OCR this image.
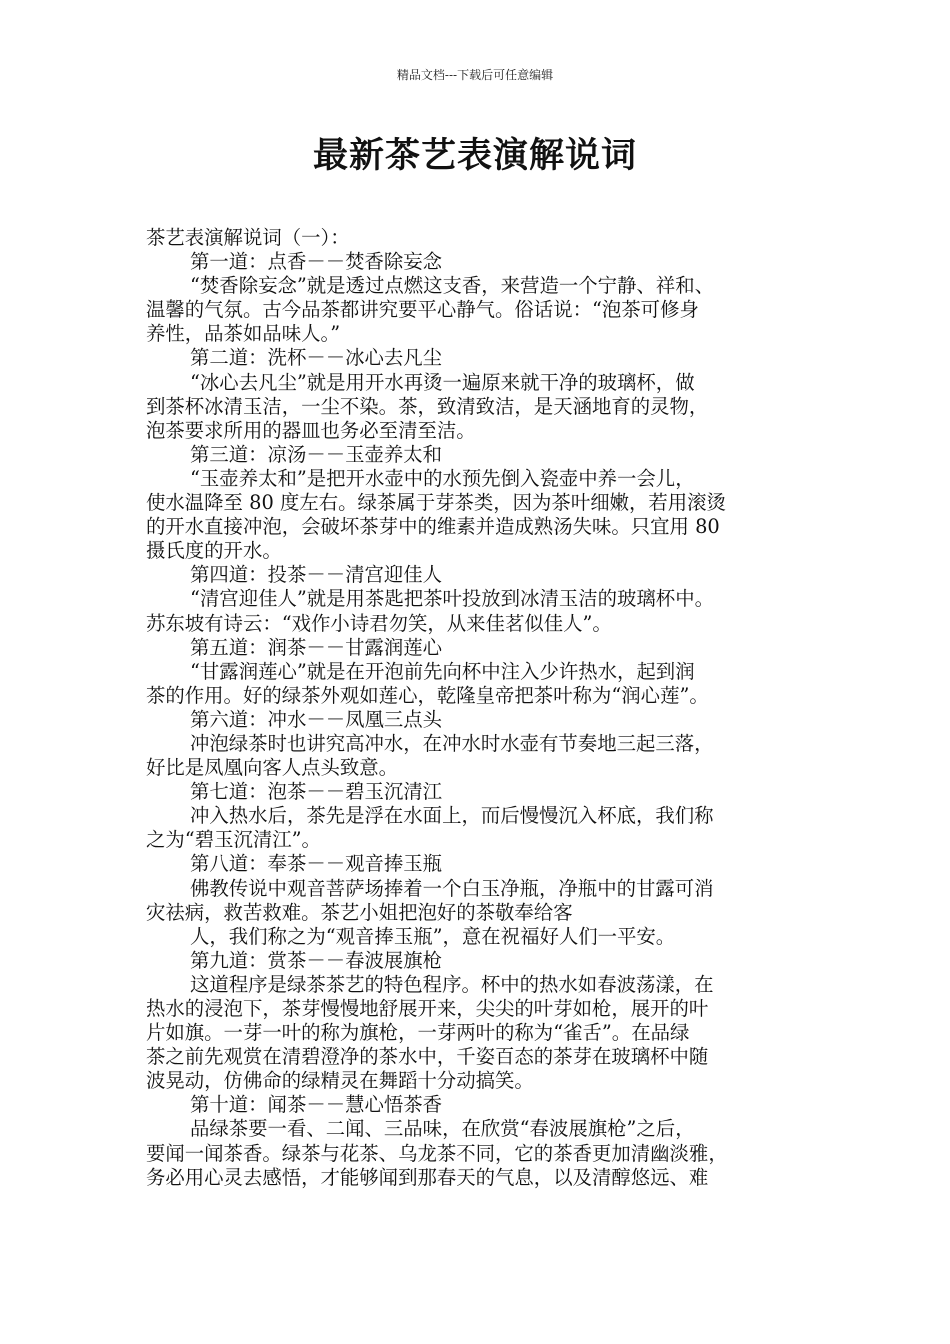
精品文档---下载后可任意编辑
最新茶艺表演解说词
茶艺表演解说词（一）：
第一道：点香－－焚香除妄念
“焚香除妄念”就是透过点燃这支香，来营造一个宁静、祥和、
温馨的气氛。古今品茶都讲究要平心静气。俗话说：“泡茶可修身
养性，品茶如品味人。”
第二道：洗杯－－冰心去凡尘
“冰心去凡尘”就是用开水再烫一遍原来就干净的玻璃杯，做
到茶杯冰清玉洁，一尘不染。茶，致清致洁，是天涵地育的灵物，
泡茶要求所用的器皿也务必至清至洁。
第三道：凉汤－－玉壶养太和
“玉壶养太和”是把开水壶中的水预先倒入瓷壶中养一会儿，
使水温降至 80 度左右。绿茶属于芽茶类，因为茶叶细嫩，若用滚烫
的开水直接冲泡，会破坏茶芽中的维素并造成熟汤失味。只宜用 80
摄氏度的开水。
第四道：投茶－－清宫迎佳人
“清宫迎佳人”就是用茶匙把茶叶投放到冰清玉洁的玻璃杯中。
苏东坡有诗云：“戏作小诗君勿笑，从来佳茗似佳人”。
第五道：润茶－－甘露润莲心
“甘露润莲心”就是在开泡前先向杯中注入少许热水，起到润
茶的作用。好的绿茶外观如莲心，乾隆皇帝把茶叶称为“润心莲”。
第六道：冲水－－凤凰三点头
冲泡绿茶时也讲究高冲水，在冲水时水壶有节奏地三起三落，
好比是凤凰向客人点头致意。
第七道：泡茶－－碧玉沉清江
冲入热水后，茶先是浮在水面上，而后慢慢沉入杯底，我们称
之为“碧玉沉清江”。
第八道：奉茶－－观音捧玉瓶
佛教传说中观音菩萨场捧着一个白玉净瓶，净瓶中的甘露可消
灾祛病，救苦救难。茶艺小姐把泡好的茶敬奉给客
人，我们称之为“观音捧玉瓶”，意在祝福好人们一平安。
第九道：赏茶－－春波展旗枪
这道程序是绿茶茶艺的特色程序。杯中的热水如春波荡漾，在
热水的浸泡下，茶芽慢慢地舒展开来，尖尖的叶芽如枪，展开的叶
片如旗。一芽一叶的称为旗枪，一芽两叶的称为“雀舌”。在品绿
茶之前先观赏在清碧澄净的茶水中，千姿百态的茶芽在玻璃杯中随
波晃动，仿佛命的绿精灵在舞蹈十分动搞笑。
第十道：闻茶－－慧心悟茶香
品绿茶要一看、二闻、三品味，在欣赏“春波展旗枪”之后，
要闻一闻茶香。绿茶与花茶、乌龙茶不同，它的茶香更加清幽淡雅，
务必用心灵去感悟，才能够闻到那春天的气息，以及清醇悠远、难
